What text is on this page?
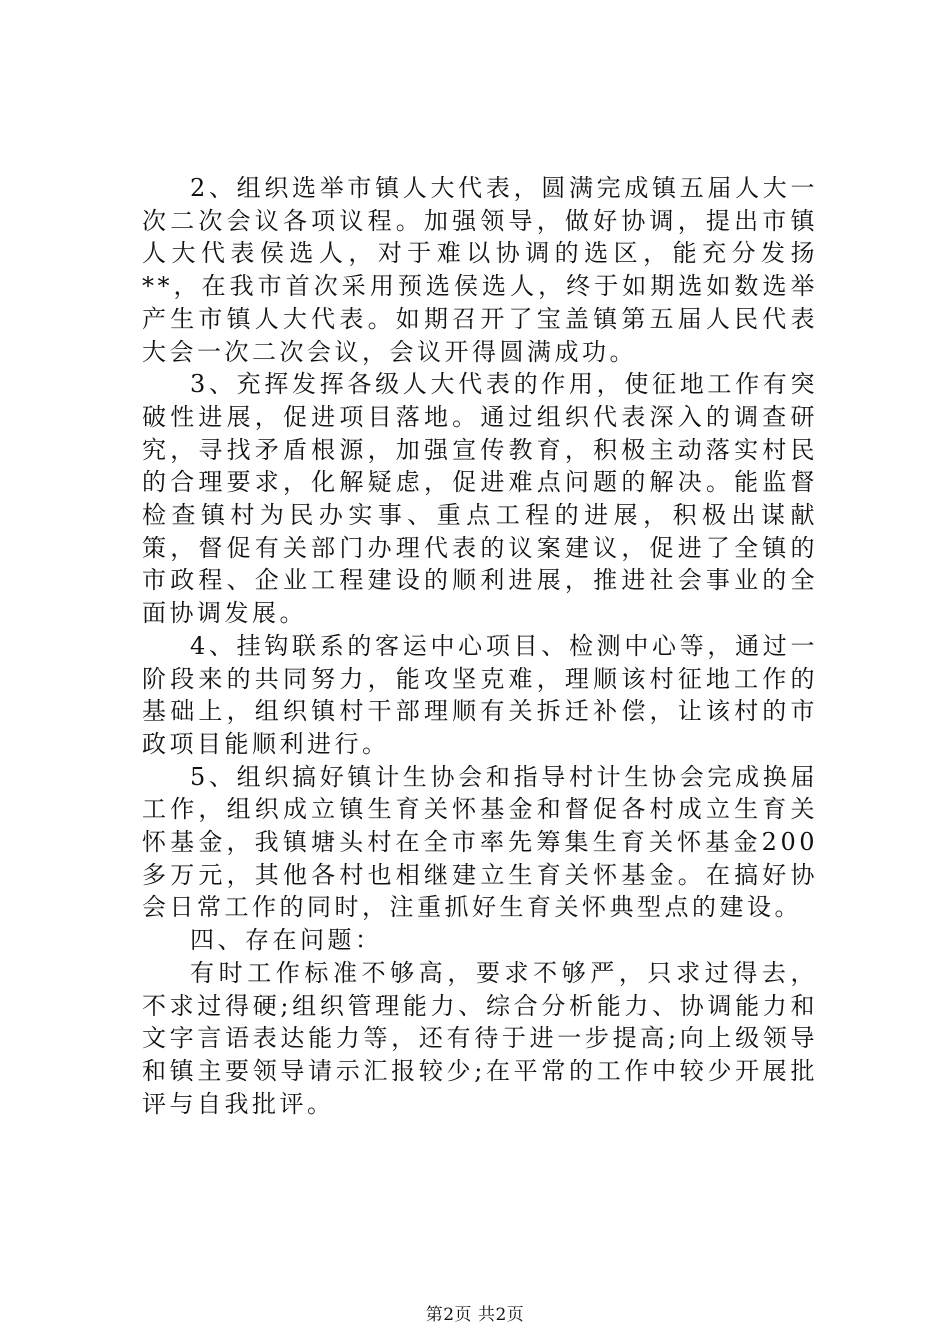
2、组织选举市镇人大代表，圆满完成镇五届人大一次二次会议各项议程。加强领导，做好协调，提出市镇人大代表侯选人，对于难以协调的选区，能充分发扬**，在我市首次采用预选侯选人，终于如期选如数选举产生市镇人大代表。如期召开了宝盖镇第五届人民代表大会一次二次会议，会议开得圆满成功。

3、充挥发挥各级人大代表的作用，使征地工作有突破性进展，促进项目落地。通过组织代表深入的调查研究，寻找矛盾根源，加强宣传教育，积极主动落实村民的合理要求，化解疑虑，促进难点问题的解决。能监督检查镇村为民办实事、重点工程的进展，积极出谋献策，督促有关部门办理代表的议案建议，促进了全镇的市政程、企业工程建设的顺利进展，推进社会事业的全面协调发展。

4、挂钩联系的客运中心项目、检测中心等，通过一阶段来的共同努力，能攻坚克难，理顺该村征地工作的基础上，组织镇村干部理顺有关拆迁补偿，让该村的市政项目能顺利进行。

5、组织搞好镇计生协会和指导村计生协会完成换届工作，组织成立镇生育关怀基金和督促各村成立生育关怀基金，我镇塘头村在全市率先筹集生育关怀基金200多万元，其他各村也相继建立生育关怀基金。在搞好协会日常工作的同时，注重抓好生育关怀典型点的建设。

四、存在问题：

有时工作标准不够高，要求不够严，只求过得去，不求过得硬;组织管理能力、综合分析能力、协调能力和文字言语表达能力等，还有待于进一步提高;向上级领导和镇主要领导请示汇报较少;在平常的工作中较少开展批评与自我批评。

第2页 共2页
